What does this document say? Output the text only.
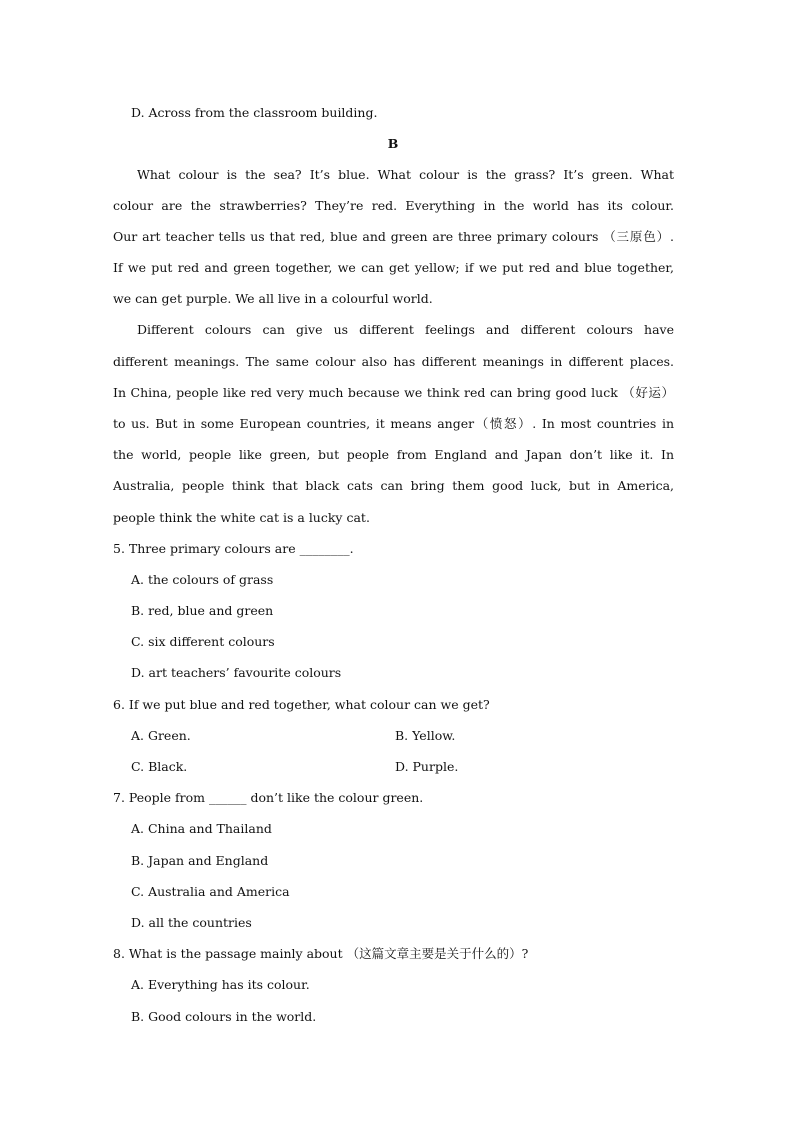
D. Across from the classroom building.
B
What colour is the sea? It’s blue. What colour is the grass? It’s green. What
colour are the strawberries? They’re red. Everything in the world has its colour.
Our art teacher tells us that red, blue and green are three primary colours （三原色）.
If we put red and green together, we can get yellow; if we put red and blue together,
we can get purple. We all live in a colourful world.
Different colours can give us different feelings and different colours have
different meanings. The same colour also has different meanings in different places.
In China, people like red very much because we think red can bring good luck （好运）
to us. But in some European countries, it means anger（愤怒）. In most countries in
the world, people like green, but people from England and Japan don’t like it. In
Australia, people think that black cats can bring them good luck, but in America,
people think the white cat is a lucky cat.
5. Three primary colours are ________.
A. the colours of grass
B. red, blue and green
C. six different colours
D. art teachers’ favourite colours
6. If we put blue and red together, what colour can we get?
A. Green.	B. Yellow.
C. Black.	D. Purple.
7. People from ______ don’t like the colour green.
A. China and Thailand
B. Japan and England
C. Australia and America
D. all the countries
8. What is the passage mainly about （这篇文章主要是关于什么的）?
A. Everything has its colour.
B. Good colours in the world.
